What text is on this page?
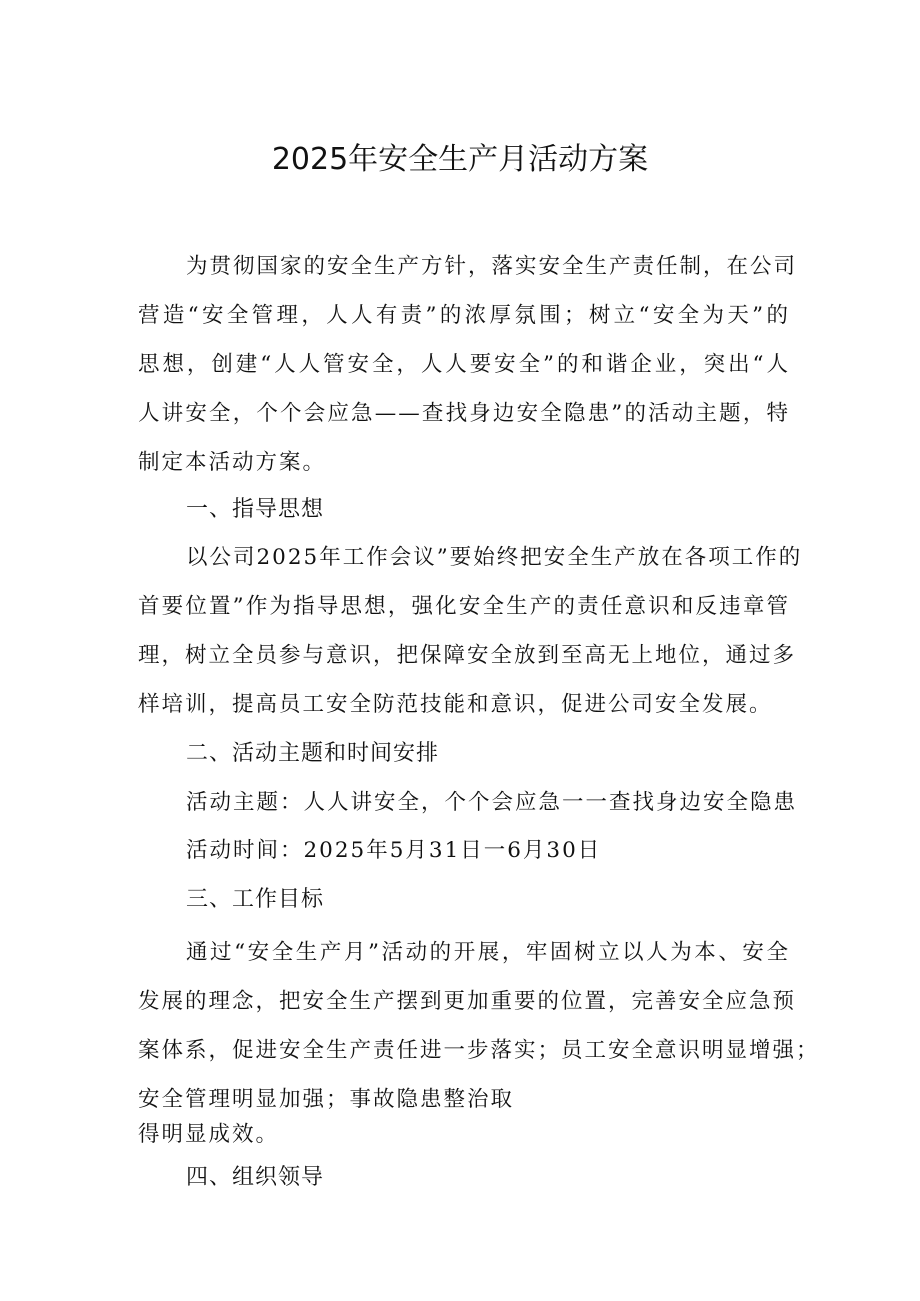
2025年安全生产月活动方案
为贯彻国家的安全生产方针，落实安全生产责任制，在公司
营造“安全管理，人人有责”的浓厚氛围；树立“安全为天”的
思想，创建“人人管安全，人人要安全”的和谐企业，突出“人
人讲安全，个个会应急——查找身边安全隐患”的活动主题，特
制定本活动方案。
一、指导思想
以公司2025年工作会议”要始终把安全生产放在各项工作的
首要位置”作为指导思想，强化安全生产的责任意识和反违章管
理，树立全员参与意识，把保障安全放到至高无上地位，通过多
样培训，提高员工安全防范技能和意识，促进公司安全发展。
二、活动主题和时间安排
活动主题：人人讲安全，个个会应急一一查找身边安全隐患
活动时间：2025年5月31日一6月30日
三、工作目标
通过“安全生产月”活动的开展，牢固树立以人为本、安全
发展的理念，把安全生产摆到更加重要的位置，完善安全应急预
案体系，促进安全生产责任进一步落实；员工安全意识明显增强；
安全管理明显加强；事故隐患整治取
得明显成效。
四、组织领导
